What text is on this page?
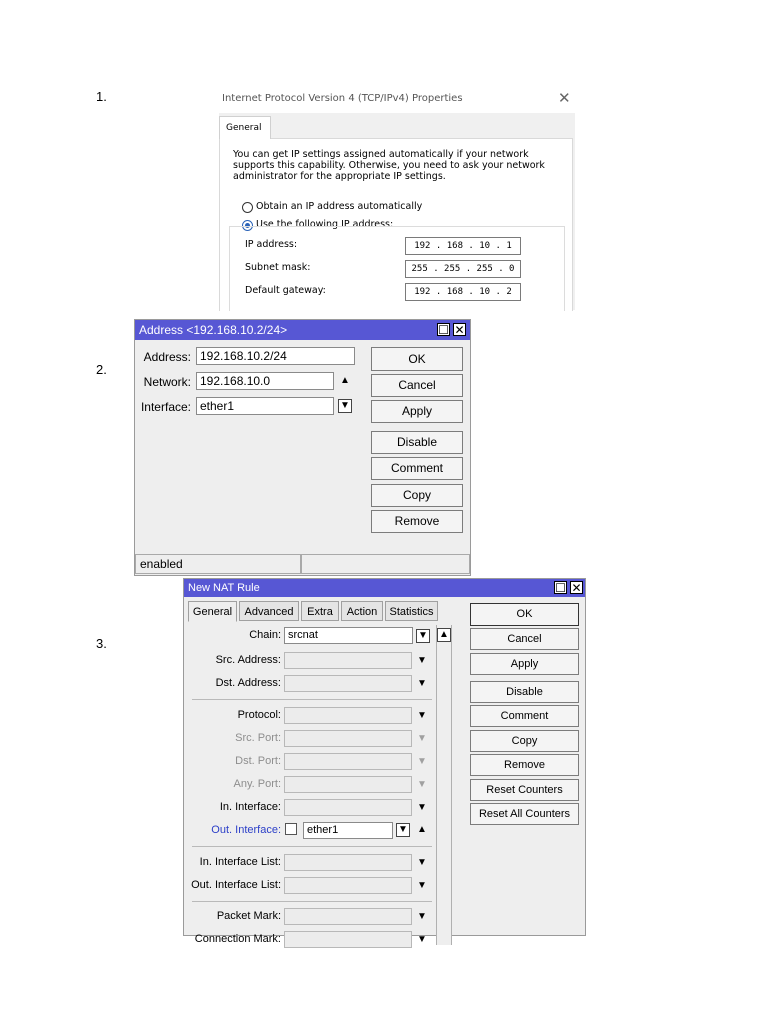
1.
2.
3.
Internet Protocol Version 4 (TCP/IPv4) Properties	✕
General
You can get IP settings assigned automatically if your network supports this capability. Otherwise, you need to ask your network administrator for the appropriate IP settings.
Obtain an IP address automatically
Use the following IP address:
IP address:	192 . 168 . 10 . 1
Subnet mask:	255 . 255 . 255 . 0
Default gateway:	192 . 168 . 10 . 2
Address <192.168.10.2/24>	☐ ✕
Address: 192.168.10.2/24
Network: 192.168.10.0	▲
Interface: ether1	▼
OK
Cancel
Apply
Disable
Comment
Copy
Remove
enabled
New NAT Rule	☐ ✕
General	Advanced	Extra	Action	Statistics
▲
Chain: srcnat	▼
Src. Address:	▼
Dst. Address:	▼
Protocol:	▼
Src. Port:	▼
Dst. Port:	▼
Any. Port:	▼
In. Interface:	▼
Out. Interface:	ether1	▼ ▲
In. Interface List:	▼
Out. Interface List:	▼
Packet Mark:	▼
Connection Mark:	▼
OK
Cancel
Apply
Disable
Comment
Copy
Remove
Reset Counters
Reset All Counters
